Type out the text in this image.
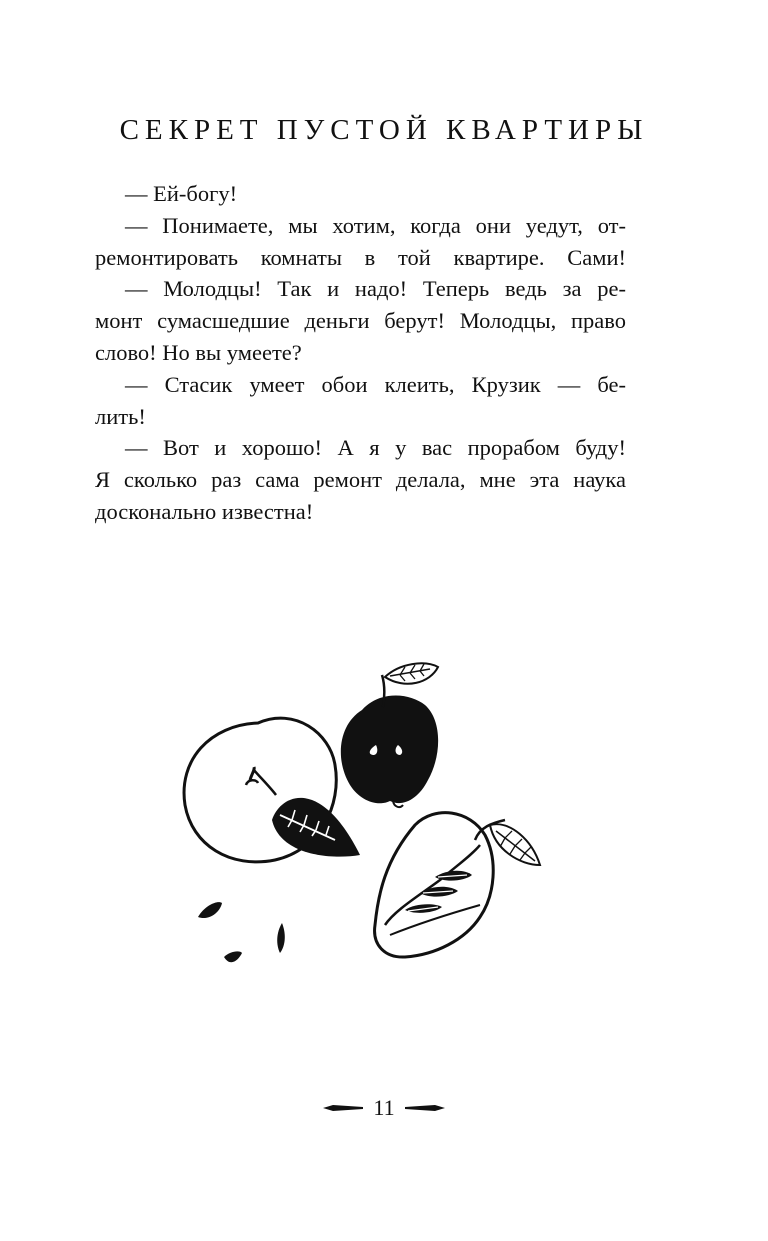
СЕКРЕТ ПУСТОЙ КВАРТИРЫ
— Ей-богу!
— Понимаете, мы хотим, когда они уедут, от-
ремонтировать комнаты в той квартире. Сами!
— Молодцы! Так и надо! Теперь ведь за ре-
монт сумасшедшие деньги берут! Молодцы, право
слово! Но вы умеете?
— Стасик умеет обои клеить, Крузик — бе-
лить!
— Вот и хорошо! А я у вас прорабом буду!
Я сколько раз сама ремонт делала, мне эта наука
досконально известна!
11
